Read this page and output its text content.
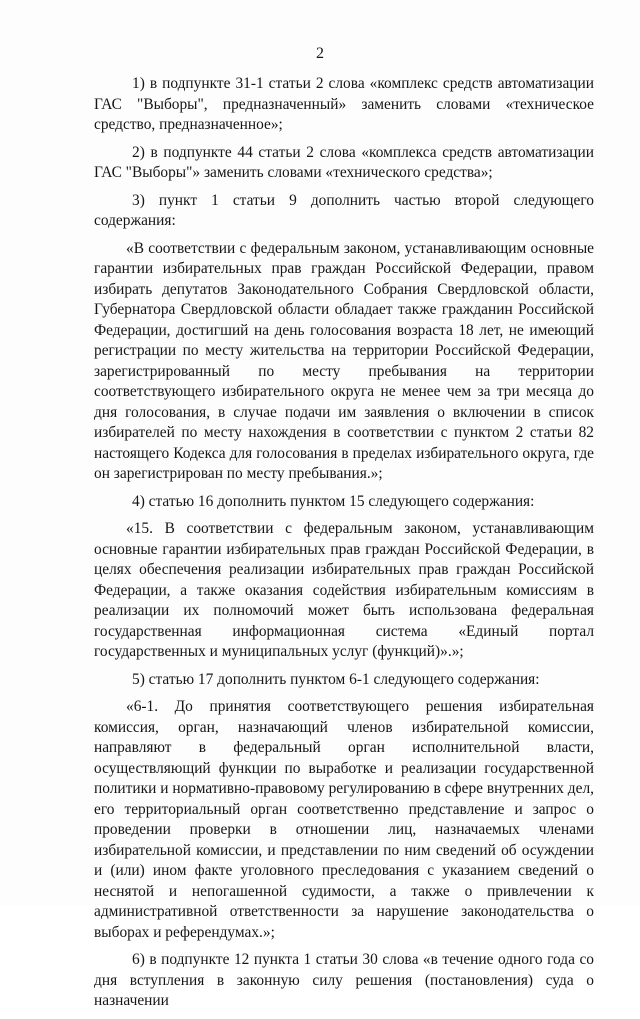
2

1) в подпункте 31-1 статьи 2 слова «комплекс средств автоматизации ГАС "Выборы", предназначенный» заменить словами «техническое средство, предназначенное»;

2) в подпункте 44 статьи 2 слова «комплекса средств автоматизации ГАС "Выборы"» заменить словами «технического средства»;

3) пункт 1 статьи 9 дополнить частью второй следующего содержания:

«В соответствии с федеральным законом, устанавливающим основные гарантии избирательных прав граждан Российской Федерации, правом избирать депутатов Законодательного Собрания Свердловской области, Губернатора Свердловской области обладает также гражданин Российской Федерации, достигший на день голосования возраста 18 лет, не имеющий регистрации по месту жительства на территории Российской Федерации, зарегистрированный по месту пребывания на территории соответствующего избирательного округа не менее чем за три месяца до дня голосования, в случае подачи им заявления о включении в список избирателей по месту нахождения в соответствии с пунктом 2 статьи 82 настоящего Кодекса для голосования в пределах избирательного округа, где он зарегистрирован по месту пребывания.»;

4) статью 16 дополнить пунктом 15 следующего содержания:

«15. В соответствии с федеральным законом, устанавливающим основные гарантии избирательных прав граждан Российской Федерации, в целях обеспечения реализации избирательных прав граждан Российской Федерации, а также оказания содействия избирательным комиссиям в реализации их полномочий может быть использована федеральная государственная информационная система «Единый портал государственных и муниципальных услуг (функций)».»;

5) статью 17 дополнить пунктом 6-1 следующего содержания:

«6-1. До принятия соответствующего решения избирательная комиссия, орган, назначающий членов избирательной комиссии, направляют в федеральный орган исполнительной власти, осуществляющий функции по выработке и реализации государственной политики и нормативно-правовому регулированию в сфере внутренних дел, его территориальный орган соответственно представление и запрос о проведении проверки в отношении лиц, назначаемых членами избирательной комиссии, и представлении по ним сведений об осуждении и (или) ином факте уголовного преследования с указанием сведений о неснятой и непогашенной судимости, а также о привлечении к административной ответственности за нарушение законодательства о выборах и референдумах.»;

6) в подпункте 12 пункта 1 статьи 30 слова «в течение одного года со дня вступления в законную силу решения (постановления) суда о назначении
